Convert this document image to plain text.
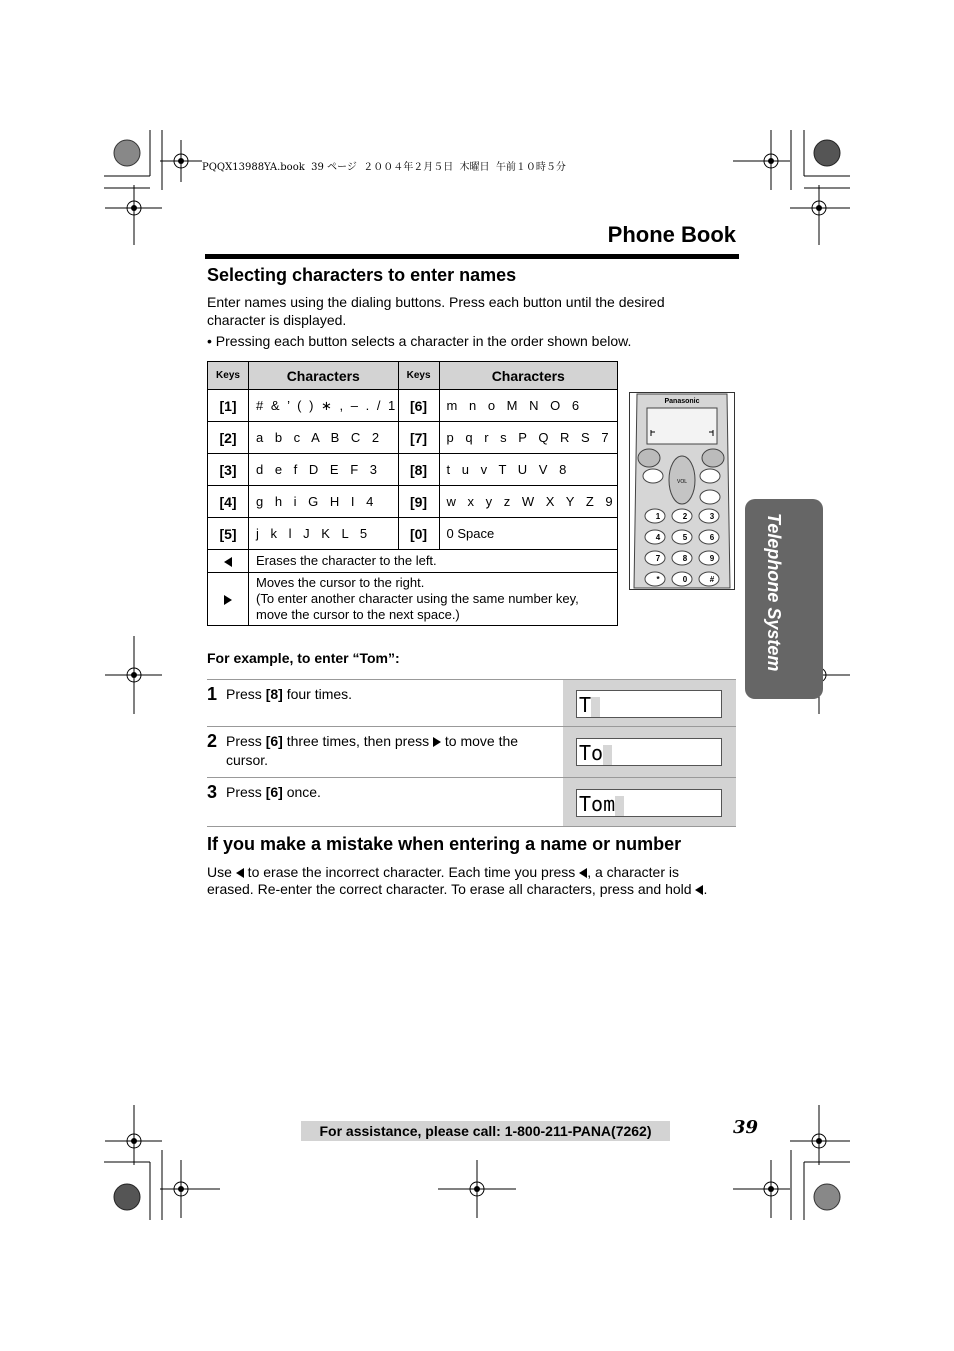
PQQX13988YA.book  39 ページ  ２００４年２月５日  木曜日  午前１０時５分
Phone Book
Selecting characters to enter names
Enter names using the dialing buttons. Press each button until the desired
character is displayed.
• Pressing each button selects a character in the order shown below.
Keys	Characters	Keys	Characters
[1]	# & ’ ( ) ∗ , – . / 1	[6]	m n o M N O 6
[2]	a b c A B C 2	[7]	p q r s P Q R S 7
[3]	d e f D E F 3	[8]	t u v T U V 8
[4]	g h i G H I 4	[9]	w x y z W X Y Z 9
[5]	j k l J K L 5	[0]	0 Space
	Erases the character to the left.		

	Moves the cursor to the right.
(To enter another character using the same number key,
move the cursor to the next space.)		
Panasonic
VOL
1	2	3
4	5	6
7	8	9
*	0	#	Telephone System
For example, to enter “Tom”:
1 Press [8] four times.	T
2 Press [6] three times, then press  to move the cursor.	To
3 Press [6] once.	Tom
If you make a mistake when entering a name or number
Use  to erase the incorrect character. Each time you press , a character is
erased. Re-enter the correct character. To erase all characters, press and hold .
For assistance, please call: 1-800-211-PANA(7262)	39
